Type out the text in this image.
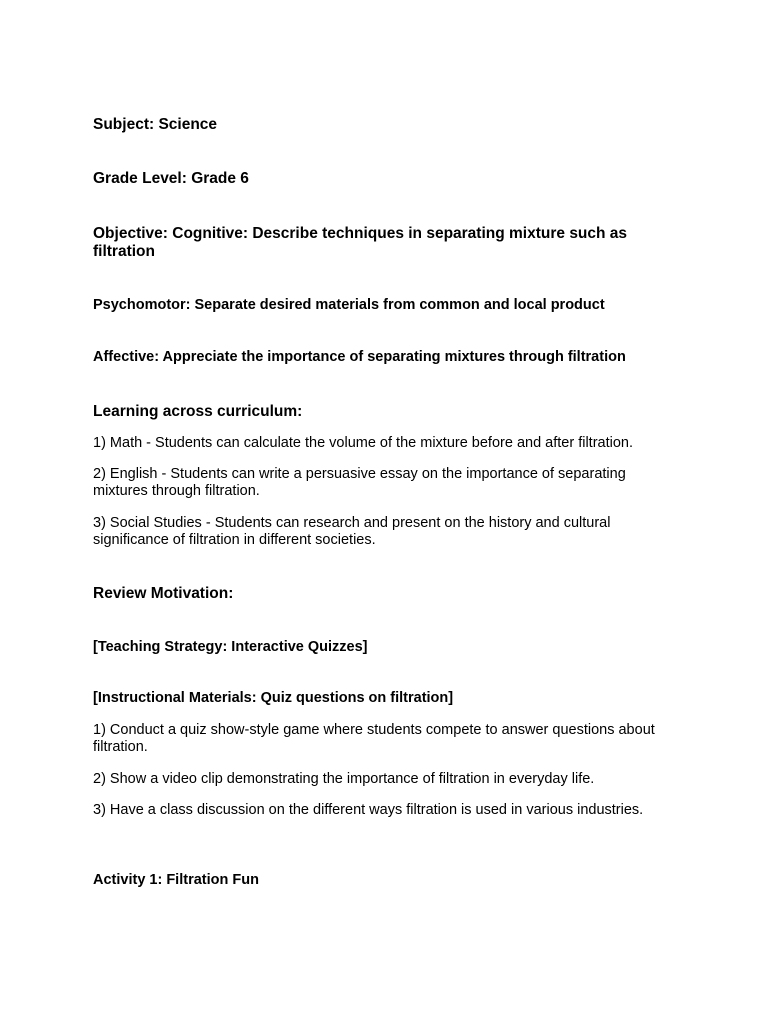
Subject: Science

Grade Level: Grade 6

Objective: Cognitive: Describe techniques in separating mixture such as filtration

Psychomotor: Separate desired materials from common and local product

Affective: Appreciate the importance of separating mixtures through filtration

Learning across curriculum:

1) Math - Students can calculate the volume of the mixture before and after filtration.

2) English - Students can write a persuasive essay on the importance of separating mixtures through filtration.

3) Social Studies - Students can research and present on the history and cultural significance of filtration in different societies.

Review Motivation:

[Teaching Strategy: Interactive Quizzes]

[Instructional Materials: Quiz questions on filtration]

1) Conduct a quiz show-style game where students compete to answer questions about filtration.

2) Show a video clip demonstrating the importance of filtration in everyday life.

3) Have a class discussion on the different ways filtration is used in various industries.

Activity 1: Filtration Fun
